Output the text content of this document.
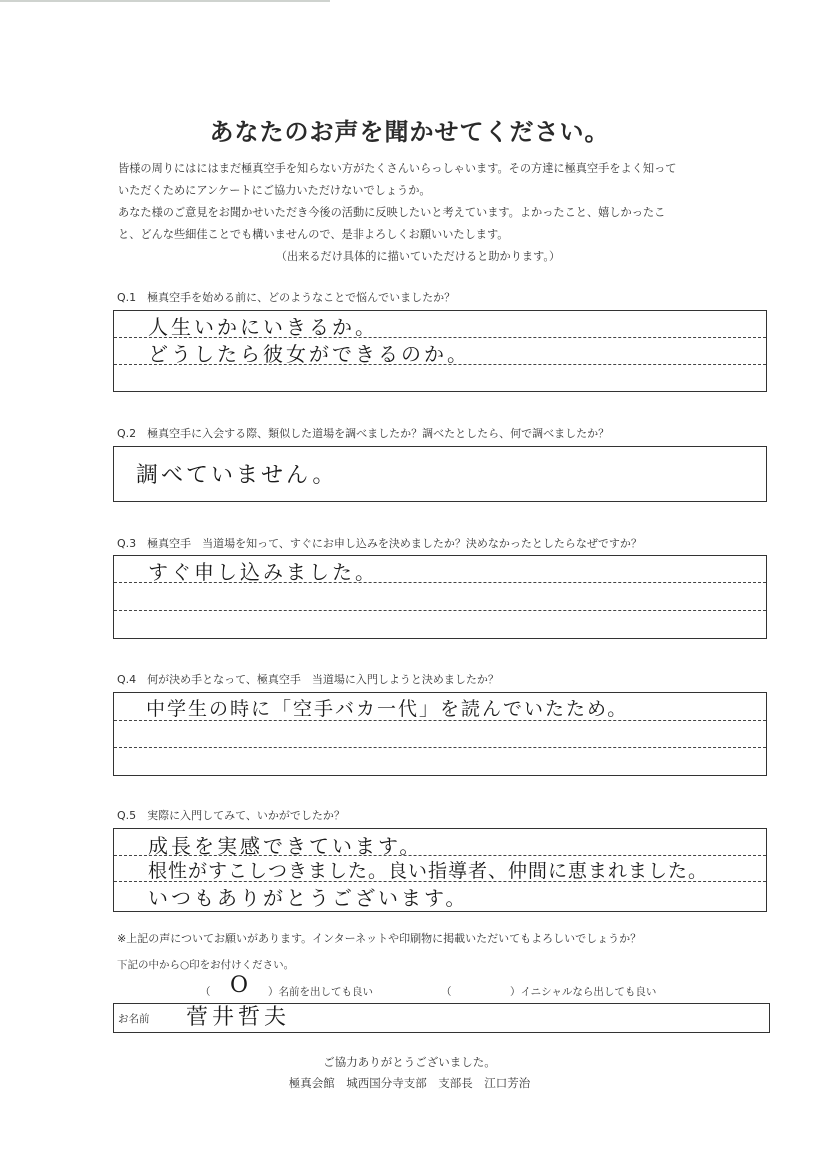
あなたのお声を聞かせてください。

皆様の周りにはにはまだ極真空手を知らない方がたくさんいらっしゃいます。その方達に極真空手をよく知って

いただくためにアンケートにご協力いただけないでしょうか。

あなた様のご意見をお聞かせいただき今後の活動に反映したいと考えています。よかったこと、嬉しかったこ

と、どんな些細佳ことでも構いませんので、是非よろしくお願いいたします。

（出来るだけ具体的に描いていただけると助かります。）

Q.1　極真空手を始める前に、どのようなことで悩んでいましたか？
人生いかにいきるか。
どうしたら彼女ができるのか。
Q.2　極真空手に入会する際、類似した道場を調べましたか？調べたとしたら、何で調べましたか？
調べていません。
Q.3　極真空手　当道場を知って、すぐにお申し込みを決めましたか？決めなかったとしたらなぜですか？
すぐ申し込みました。
Q.4　何が決め手となって、極真空手　当道場に入門しようと決めましたか？
中学生の時に「空手バカ一代」を読んでいたため。
Q.5　実際に入門してみて、いかがでしたか？
成長を実感できています。
根性がすこしつきました。良い指導者、仲間に恵まれました。
いつもありがとうございます。
※上記の声についてお願いがあります。インターネットや印刷物に掲載いただいてもよろしいでしょうか？
下記の中から○印をお付けください。
（ O ）名前を出しても良い	（	）イニシャルなら出しても良い
お名前 菅井哲夫
ご協力ありがとうございました。
極真会館　城西国分寺支部　支部長　江口芳治
